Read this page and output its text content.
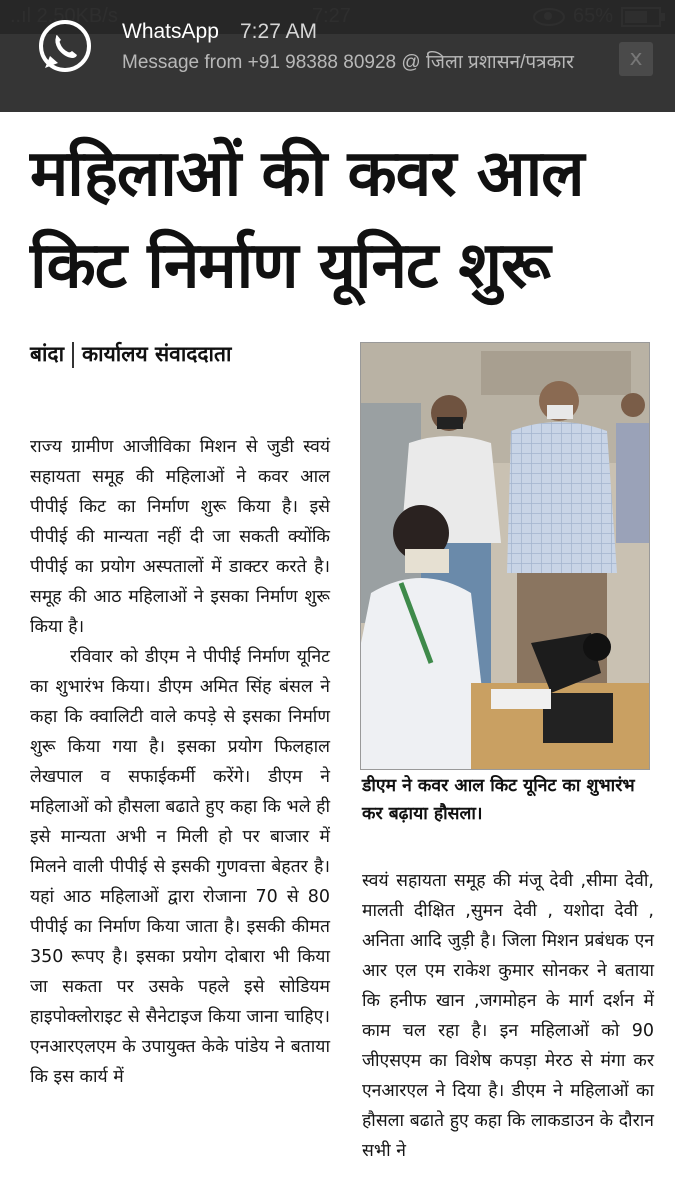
महिलाओं की कवर आल
किट निर्माण यूनिट शुरू
बांदा कार्यालय संवाददाता

राज्य ग्रामीण आजीविका मिशन से जुडी स्वयं सहायता समूह की महिलाओं ने कवर आल पीपीई किट का निर्माण शुरू किया है। इसे पीपीई की मान्यता नहीं दी जा सकती क्योंकि पीपीई का प्रयोग अस्पतालों में डाक्टर करते है। समूह की आठ महिलाओं ने इसका निर्माण शुरू किया है।

रविवार को डीएम ने पीपीई निर्माण यूनिट का शुभारंभ किया। डीएम अमित सिंह बंसल ने कहा कि क्वालिटी वाले कपड़े से इसका निर्माण शुरू किया गया है। इसका प्रयोग फिलहाल लेखपाल व सफाईकर्मी करेंगे। डीएम ने महिलाओं को हौसला बढाते हुए कहा कि भले ही इसे मान्यता अभी न मिली हो पर बाजार में मिलने वाली पीपीई से इसकी गुणवत्ता बेहतर है। यहां आठ महिलाओं द्वारा रोजाना 70 से 80 पीपीई का निर्माण किया जाता है। इसकी कीमत 350 रूपए है। इसका प्रयोग दोबारा भी किया जा सकता पर उसके पहले इसे सोडियम हाइपोक्लोराइट से सैनेटाइज किया जाना चाहिए। एनआरएलएम के उपायुक्त केके पांडेय ने बताया कि इस कार्य में

डीएम ने कवर आल किट यूनिट का शुभारंभ कर बढ़ाया हौसला।

स्वयं सहायता समूह की मंजू देवी ,सीमा देवी, मालती दीक्षित ,सुमन देवी , यशोदा देवी , अनिता आदि जुड़ी है। जिला मिशन प्रबंधक एन आर एल एम राकेश कुमार सोनकर ने बताया कि हनीफ खान ,जगमोहन के मार्ग दर्शन में काम चल रहा है। इन महिलाओं को 90 जीएसएम का विशेष कपड़ा मेरठ से मंगा कर एनआरएल ने दिया है। डीएम ने महिलाओं का हौसला बढाते हुए कहा कि लाकडाउन के दौरान सभी ने

WhatsApp 7:27 AM
Message from +91 98388 80928 @ जिला प्रशासन/पत्रकार	x
